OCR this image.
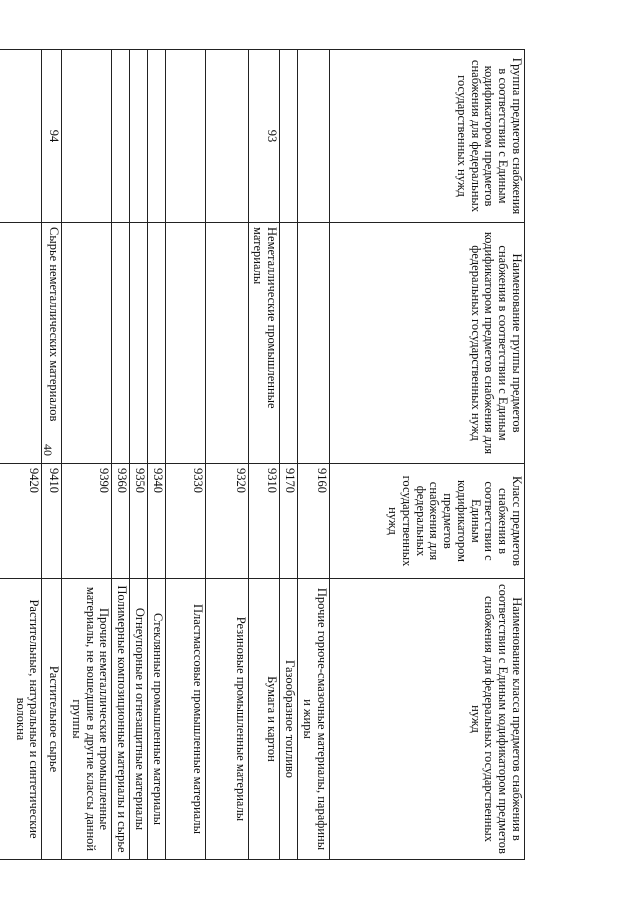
40
Группа предметов снабжения в соответствии с Единым кодификатором предметов снабжения для федеральных государственных нужд	Наименование группы предметов снабжения в соответствии с Единым кодификатором предметов снабжения для федеральных государственных нужд	Класс предметов снабжения в соответствии с Единым кодификатором предметов снабжения для федеральных государственных нужд	Наименование класса предметов снабжения в соответствии с Единым кодификатором предметов снабжения для федеральных государственных нужд
		9160	Прочие горюче-смазочные материалы, парафины и жиры
		9170	Газообразное топливо
93	Неметаллические промышленные материалы	9310	Бумага и картон
		9320	Резиновые промышленные материалы
		9330	Пластмассовые промышленные материалы
		9340	Стеклянные промышленные материалы
		9350	Огнеупорные и огнезащитные материалы
		9360	Полимерные композиционные материалы и сырье
		9390	Прочие неметаллические промышленные материалы, не вошедшие в другие классы данной группы
94	Сырье неметаллических материалов	9410	Растительное сырье
		9420	Растительные, натуральные и синтетические волокна
